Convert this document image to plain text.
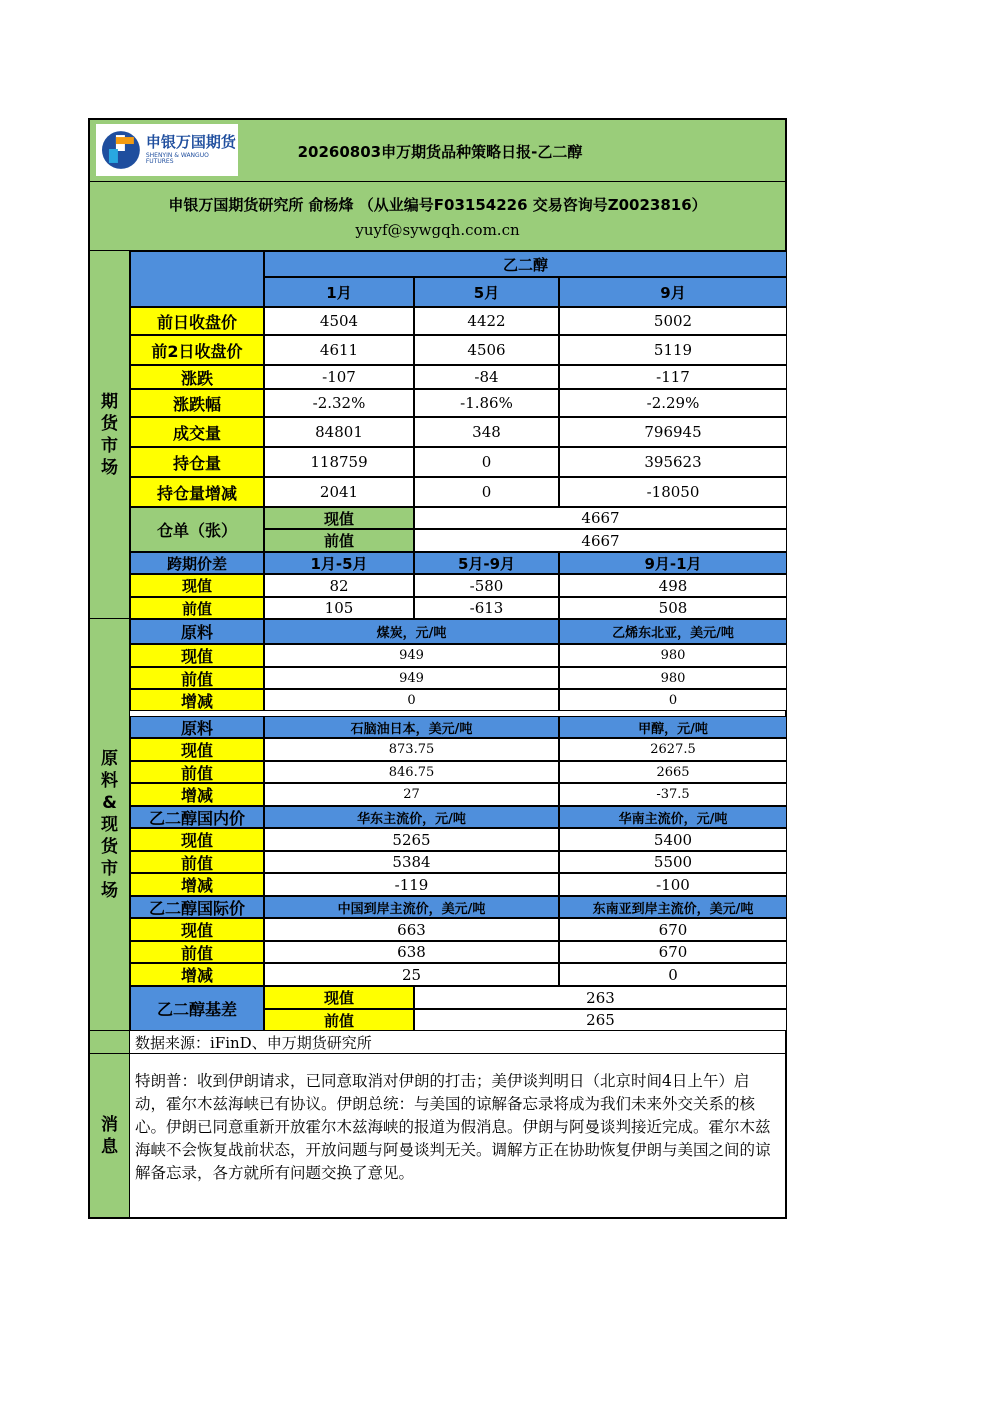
申银万国期货
SHENYIN & WANGUO FUTURES
20260803申万期货品种策略日报-乙二醇
申银万国期货研究所 俞杨烽 （从业编号F03154226 交易咨询号Z0023816）
yuyf@sywgqh.com.cn
期
货
市
场
乙二醇
1月	5月	9月
前日收盘价	4504	4422	5002
前2日收盘价	4611	4506	5119
涨跌	-107	-84	-117
涨跌幅	-2.32%	-1.86%	-2.29%
成交量	84801	348	796945
持仓量	118759	0	395623
持仓量增减	2041	0	-18050
仓单（张）
现值	4667
前值	4667
跨期价差	1月-5月	5月-9月	9月-1月
现值	82	-580	498
前值	105	-613	508
原
料
&
现
货
市
场
原料	煤炭，元/吨	乙烯东北亚，美元/吨
现值	949	980
前值	949	980
增减	0	0
原料	石脑油日本，美元/吨	甲醇，元/吨
现值	873.75	2627.5
前值	846.75	2665
增减	27	-37.5
乙二醇国内价	华东主流价，元/吨	华南主流价，元/吨
现值	5265	5400
前值	5384	5500
增减	-119	-100
乙二醇国际价	中国到岸主流价，美元/吨	东南亚到岸主流价，美元/吨
现值	663	670
前值	638	670
增减	25	0
乙二醇基差
现值	263
前值	265
数据来源：iFinD、申万期货研究所
消
息
特朗普：收到伊朗请求，已同意取消对伊朗的打击；美伊谈判明日（北京时间4日上午）启动，霍尔木兹海峡已有协议。伊朗总统：与美国的谅解备忘录将成为我们未来外交关系的核心。伊朗已同意重新开放霍尔木兹海峡的报道为假消息。伊朗与阿曼谈判接近完成。霍尔木兹海峡不会恢复战前状态，开放问题与阿曼谈判无关。调解方正在协助恢复伊朗与美国之间的谅解备忘录，各方就所有问题交换了意见。
